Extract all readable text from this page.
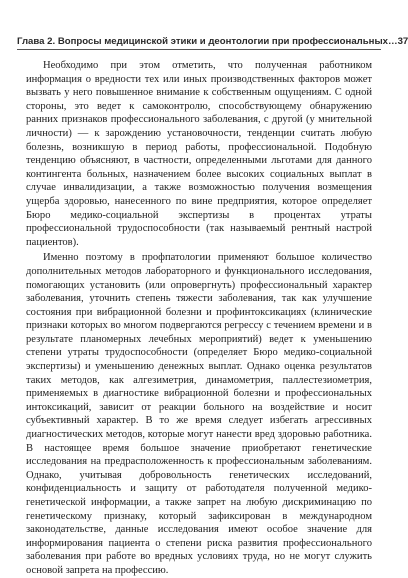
Глава 2. Вопросы медицинской этики и деонтологии при профессиональных… 37

Необходимо при этом отметить, что полученная работником информация о вредности тех или иных производственных факторов может вызвать у него повышенное внимание к собственным ощущениям. С одной стороны, это ведет к самоконтролю, способствующему обнаружению ранних признаков профессионального заболевания, с другой (у мнительной личности) — к зарождению установочности, тенденции считать любую болезнь, возникшую в период работы, профессиональной. Подобную тенденцию объясняют, в частности, определенными льготами для данного контингента больных, назначением более высоких социальных выплат в случае инвалидизации, а также возможностью получения возмещения ущерба здоровью, нанесенного по вине предприятия, которое определяет Бюро медико-социальной экспертизы в процентах утраты профессиональной трудоспособности (так называемый рентный настрой пациентов).

Именно поэтому в профпатологии применяют большое количество дополнительных методов лабораторного и функционального исследования, помогающих установить (или опровергнуть) профессиональный характер заболевания, уточнить степень тяжести заболевания, так как улучшение состояния при вибрационной болезни и профинтоксикациях (клинические признаки которых во многом подвергаются регрессу с течением времени и в результате планомерных лечебных мероприятий) ведет к уменьшению степени утраты трудоспособности (определяет Бюро медико-социальной экспертизы) и уменьшению денежных выплат. Однако оценка результатов таких методов, как алгезиметрия, динамометрия, паллестезиометрия, применяемых в диагностике вибрационной болезни и профессиональных интоксикаций, зависит от реакции больного на воздействие и носит субъективный характер. В то же время следует избегать агрессивных диагностических методов, которые могут нанести вред здоровью работника. В настоящее время большое значение приобретают генетические исследования на предрасположенность к профессиональным заболеваниям. Однако, учитывая добровольность генетических исследований, конфиденциальность и защиту от работодателя полученной медико-генетической информации, а также запрет на любую дискриминацию по генетическому признаку, который зафиксирован в международном законодательстве, данные исследования имеют особое значение для информирования пациента о степени риска развития профессионального заболевания при работе во вредных условиях труда, но не могут служить основой запрета на профессию.
